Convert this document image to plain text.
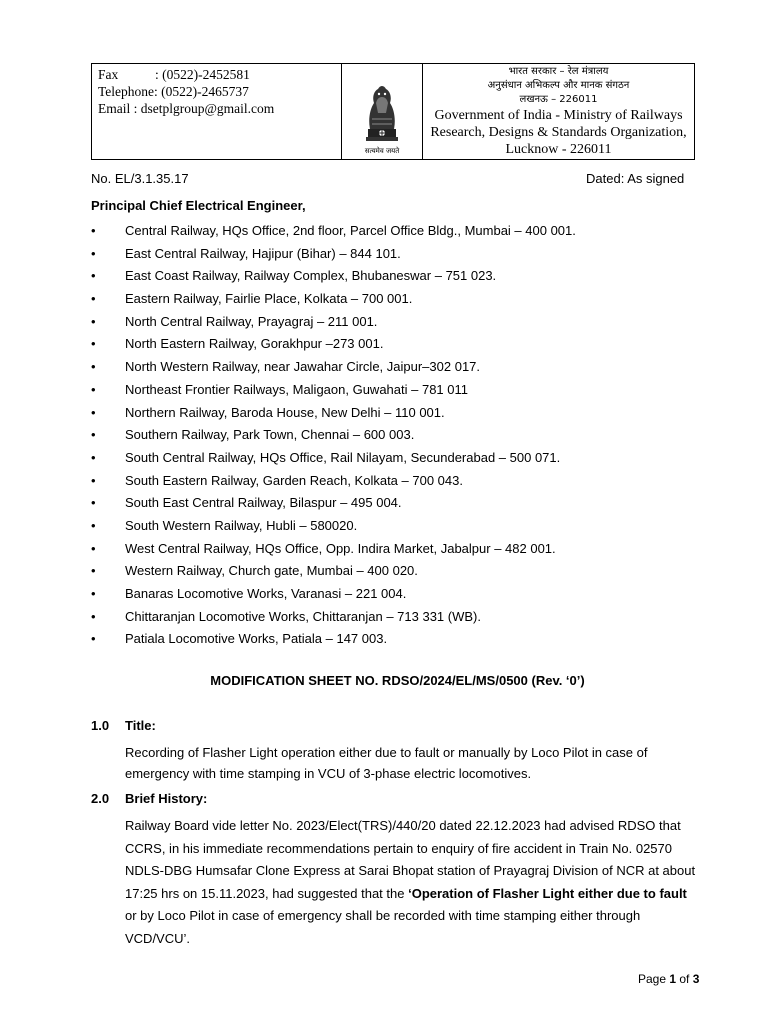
Fax	: (0522)-2452581
Telephone: (0522)-2465737
Email : dsetplgroup@gmail.com
सत्यमेव जयते
भारत सरकार – रेल मंत्रालय
अनुसंधान अभिकल्प और मानक संगठन
लखनऊ – 226011
Government of India - Ministry of Railways
Research, Designs & Standards Organization,
Lucknow - 226011
No. EL/3.1.35.17	Dated: As signed
Principal Chief Electrical Engineer,
• Central Railway, HQs Office, 2nd floor, Parcel Office Bldg., Mumbai – 400 001.
• East Central Railway, Hajipur (Bihar) – 844 101.
• East Coast Railway, Railway Complex, Bhubaneswar – 751 023.
• Eastern Railway, Fairlie Place, Kolkata – 700 001.
• North Central Railway, Prayagraj – 211 001.
• North Eastern Railway, Gorakhpur –273 001.
• North Western Railway, near Jawahar Circle, Jaipur–302 017.
• Northeast Frontier Railways, Maligaon, Guwahati – 781 011
• Northern Railway, Baroda House, New Delhi – 110 001.
• Southern Railway, Park Town, Chennai – 600 003.
• South Central Railway, HQs Office, Rail Nilayam, Secunderabad – 500 071.
• South Eastern Railway, Garden Reach, Kolkata – 700 043.
• South East Central Railway, Bilaspur – 495 004.
• South Western Railway, Hubli – 580020.
• West Central Railway, HQs Office, Opp. Indira Market, Jabalpur – 482 001.
• Western Railway, Church gate, Mumbai – 400 020.
• Banaras Locomotive Works, Varanasi – 221 004.
• Chittaranjan Locomotive Works, Chittaranjan – 713 331 (WB).
• Patiala Locomotive Works, Patiala – 147 003.
MODIFICATION SHEET NO. RDSO/2024/EL/MS/0500 (Rev. ‘0’)
1.0 Title:
Recording of Flasher Light operation either due to fault or manually by Loco Pilot in case of
emergency with time stamping in VCU of 3-phase electric locomotives.
2.0 Brief History:
Railway Board vide letter No. 2023/Elect(TRS)/440/20 dated 22.12.2023 had advised RDSO that
CCRS, in his immediate recommendations pertain to enquiry of fire accident in Train No. 02570
NDLS-DBG Humsafar Clone Express at Sarai Bhopat station of Prayagraj Division of NCR at about
17:25 hrs on 15.11.2023, had suggested that the ‘Operation of Flasher Light either due to fault
or by Loco Pilot in case of emergency shall be recorded with time stamping either through
VCD/VCU’.
Page 1 of 3
